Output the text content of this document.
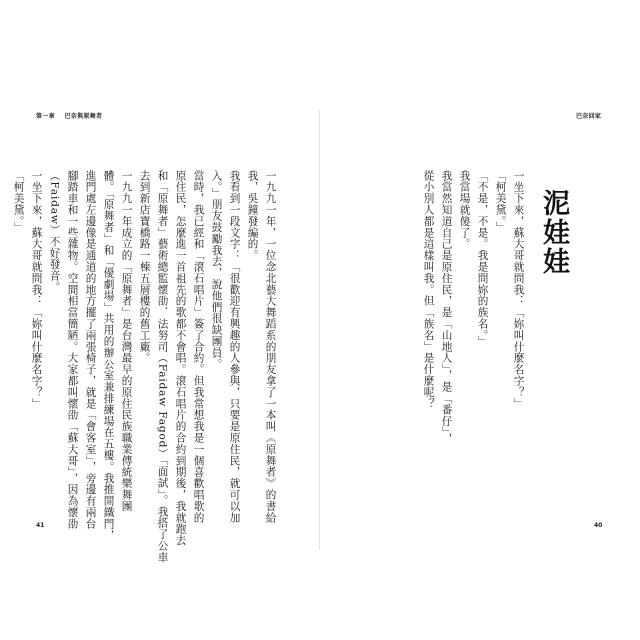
第一章 巴奈與原舞者	巴奈回家
一九九一年，一位念北藝大舞蹈系的朋友拿了一本叫《原舞者》的書給
我，吳鐘發編的。
我看到一段文字：「很歡迎有興趣的人參與，只要是原住民，就可以加
入。」朋友鼓勵我去，說他們很缺團員。
當時，我已經和「滾石唱片」簽了合約。但我常想我是一個喜歡唱歌的
原住民，怎麼進一首祖先的歌都不會唱。滾石唱片的合約到期後，我就跑去
和「原舞者」藝術總監懷劭．法努司（Faidaw Fagod）「面試」。我搭了公車
去到新店寶橋路一棟五層樓的舊工廠。
一九九一年成立的「原舞者」是台灣最早的原住民族職業傳統樂舞團
體。「原舞者」和「優劇場」共用的辦公室兼排練場在五樓。我推開鐵門，
進門處左邊像是通道的地方擺了兩張椅子，就是「會客室」，旁邊有兩台
腳踏車和一些雜物。空間相當簡陋。大家都叫懷劭「蘇大哥」，因為懷劭
（Faidaw）不好發音。
一坐下來，蘇大哥就問我：「妳叫什麼名字？」
「柯美黛。」	泥娃娃
一坐下來，蘇大哥就問我：「妳叫什麼名字？」
「柯美黛。」
「不是，不是。我是問妳的族名。」
我當場就傻了。
我當然知道自己是原住民，是「山地人」，是「番仔」，
從小別人都是這樣叫我。但「族名」是什麼呢？
41	40
